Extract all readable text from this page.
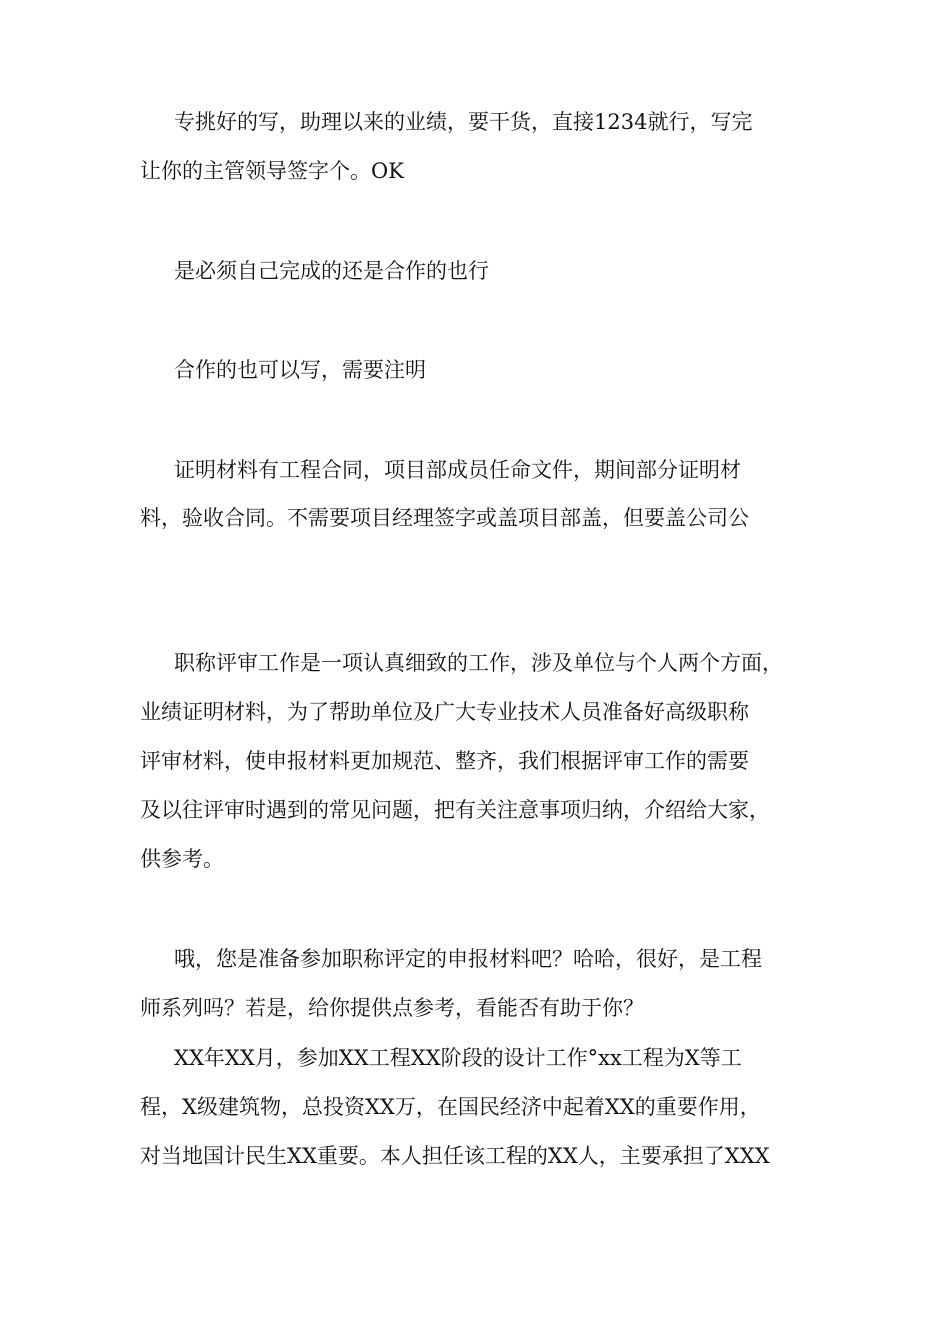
专挑好的写，助理以来的业绩，要干货，直接1234就行，写完
让你的主管领导签字个。OK
是必须自己完成的还是合作的也行
合作的也可以写，需要注明
证明材料有工程合同，项目部成员任命文件，期间部分证明材
料，验收合同。不需要项目经理签字或盖项目部盖，但要盖公司公
职称评审工作是一项认真细致的工作，涉及单位与个人两个方面，
业绩证明材料，为了帮助单位及广大专业技术人员准备好高级职称
评审材料，使申报材料更加规范、整齐，我们根据评审工作的需要
及以往评审时遇到的常见问题，把有关注意事项归纳，介绍给大家，
供参考。
哦，您是准备参加职称评定的申报材料吧？哈哈，很好，是工程
师系列吗？若是，给你提供点参考，看能否有助于你？
XX年XX月，参加XX工程XX阶段的设计工作°xx工程为X等工
程，X级建筑物，总投资XX万，在国民经济中起着XX的重要作用，
对当地国计民生XX重要。本人担任该工程的XX人，主要承担了XXX
